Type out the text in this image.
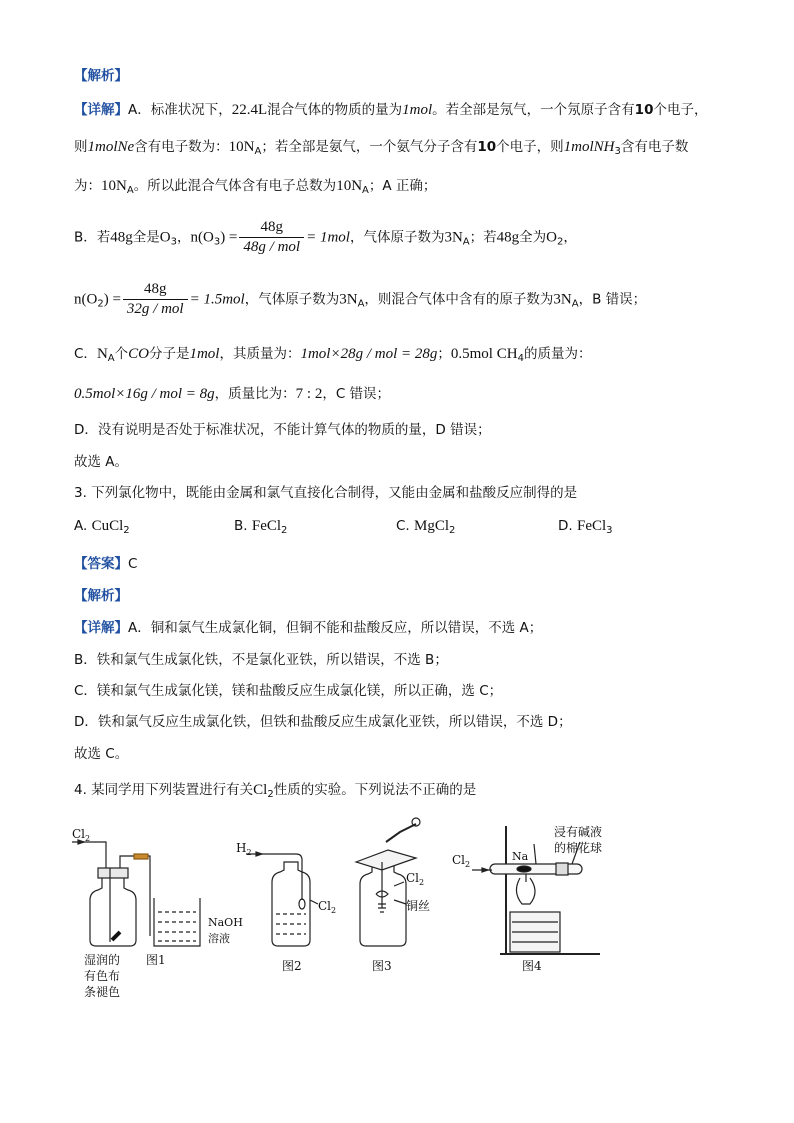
【解析】
【详解】A．标准状况下，22.4L混合气体的物质的量为1mol。若全部是氖气，一个氖原子含有10个电子，
则1molNe含有电子数为：$10N_A$；若全部是氨气，一个氨气分子含有10个电子，则1molNH$_3$含有电子数
为：$10N_A$。所以此混合气体含有电子总数为$10N_A$；A 正确；
B．若48g全是$O_3$，$n(O_3) = \frac{48g}{\text{48g / mol}} = 1mol$，气体原子数为$3N_A$；若48g全为$O_2$，
$n(O_2) = \frac{48g}{\text{32g / mol}} = 1.5mol$，气体原子数为$3N_A$，则混合气体中含有的原子数为$3N_A$，B 错误；
C．$N_A$个CO分子是1mol，其质量为：1mol×28g / mol = 28g；0.5mol $CH_4$的质量为：
0.5mol×16g / mol = 8g，质量比为：7 : 2，C 错误；
D．没有说明是否处于标准状况，不能计算气体的物质的量，D 错误；
故选 A。
3. 下列氯化物中，既能由金属和氯气直接化合制得，又能由金属和盐酸反应制得的是
A. CuCl$_2$	B. FeCl$_2$	C. MgCl$_2$	D. FeCl$_3$
【答案】C
【解析】
【详解】A．铜和氯气生成氯化铜，但铜不能和盐酸反应，所以错误，不选 A；
B．铁和氯气生成氯化铁，不是氯化亚铁，所以错误，不选 B；
C．镁和氯气生成氯化镁，镁和盐酸反应生成氯化镁，所以正确，选 C；
D．铁和氯气反应生成氯化铁，但铁和盐酸反应生成氯化亚铁，所以错误，不选 D；
故选 C。
4. 某同学用下列装置进行有关$Cl_2$性质的实验。下列说法不正确的是
$Cl_2$
NaOH
溶液
湿润的
有色布
条褪色
图1
$H_2$
$Cl_2$
图2
$Cl_2$
铜丝
图3
$Cl_2$
Na
浸有碱液
的棉花球
图4
